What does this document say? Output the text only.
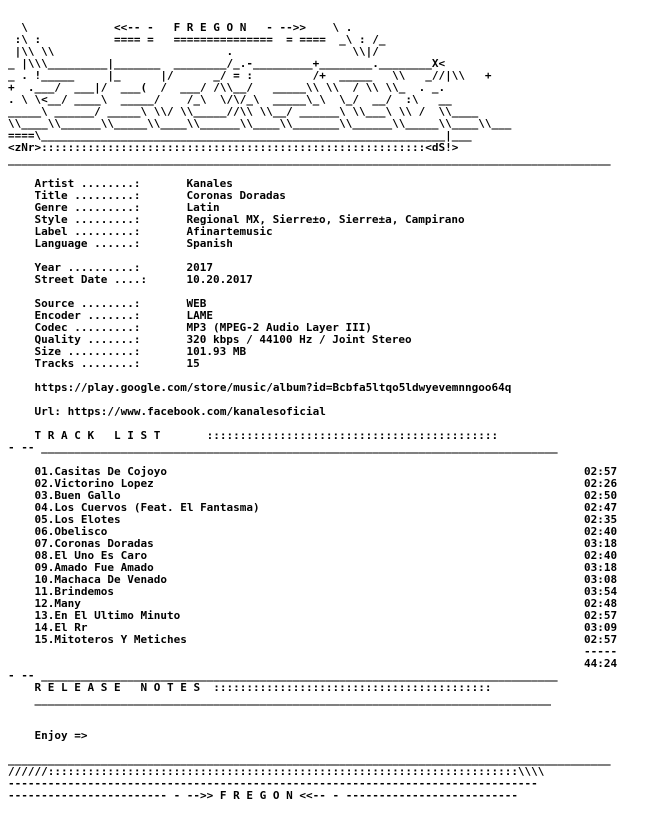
\             <<-- -   F R E G O N   - -->>    \ .
:\ :           ==== =   ===============  = ====  _\ : /_
|\\ \\                          .                  \\|/
_ |\\\_________|_______  ________/_.-_________+________.________X<
_ . !_____     |_      |/      _/ = :         /+  _____   \\   _//|\\   +
+  .___/  ___|/  ___(  /  ___/ /\\__/   _____\\ \\  / \\ \\_  . _.
. \ \<__/ ____\  _____/    /_\  \/\/_\  _____\_\  \_/  __/  :\   __
_____\ ______/ _____\ \\/ \\_____//\\ \\__/ ______\ \\___\ \\ /  \\____
\\____\\______\\_____\\____\\______\\____\\_______\\______\\_____\\____\\___
====\_____________________________________________________________|___
<zNr>::::::::::::::::::::::::::::::::::::::::::::::::::::::::::<dS!>
___________________________________________________________________________________________

Artist ........:	Kanales
Title .........:	Coronas Doradas
Genre .........:	Latin
Style .........:	Regional MX, Sierre±o, Sierre±a, Campirano
Label .........:	Afinartemusic
Language ......:	Spanish

Year ..........:	2017
Street Date ....:	10.20.2017

Source ........:	WEB
Encoder .......:	LAME
Codec .........:	MP3 (MPEG-2 Audio Layer III)
Quality .......:	320 kbps / 44100 Hz / Joint Stereo
Size ..........:	101.93 MB
Tracks ........:	15

https://play.google.com/store/music/album?id=Bcbfa5ltqo5ldwyevemnngoo64q

Url: https://www.facebook.com/kanalesoficial

T R A C K   L I S T       ::::::::::::::::::::::::::::::::::::::::::::
- -- ______________________________________________________________________________

01.Casitas De Cojoyo	02:57
02.Victorino Lopez	02:26
03.Buen Gallo	02:50
04.Los Cuervos (Feat. El Fantasma)	02:47
05.Los Elotes	02:35
06.Obelisco	02:40
07.Coronas Doradas	03:18
08.El Uno Es Caro	02:40
09.Amado Fue Amado	03:18
10.Machaca De Venado	03:08
11.Brindemos	03:54
12.Many	02:48
13.En El Ultimo Minuto	02:57
14.El Rr	03:09
15.Mitoteros Y Metiches	02:57
-----
44:24
- -- ______________________________________________________________________________
R E L E A S E   N O T E S  ::::::::::::::::::::::::::::::::::::::::::
______________________________________________________________________________

Enjoy =>

___________________________________________________________________________________________
//////:::::::::::::::::::::::::::::::::::::::::::::::::::::::::::::::::::::::\\\\
--------------------------------------------------------------------------------
------------------------ - -->> F R E G O N <<-- - --------------------------
